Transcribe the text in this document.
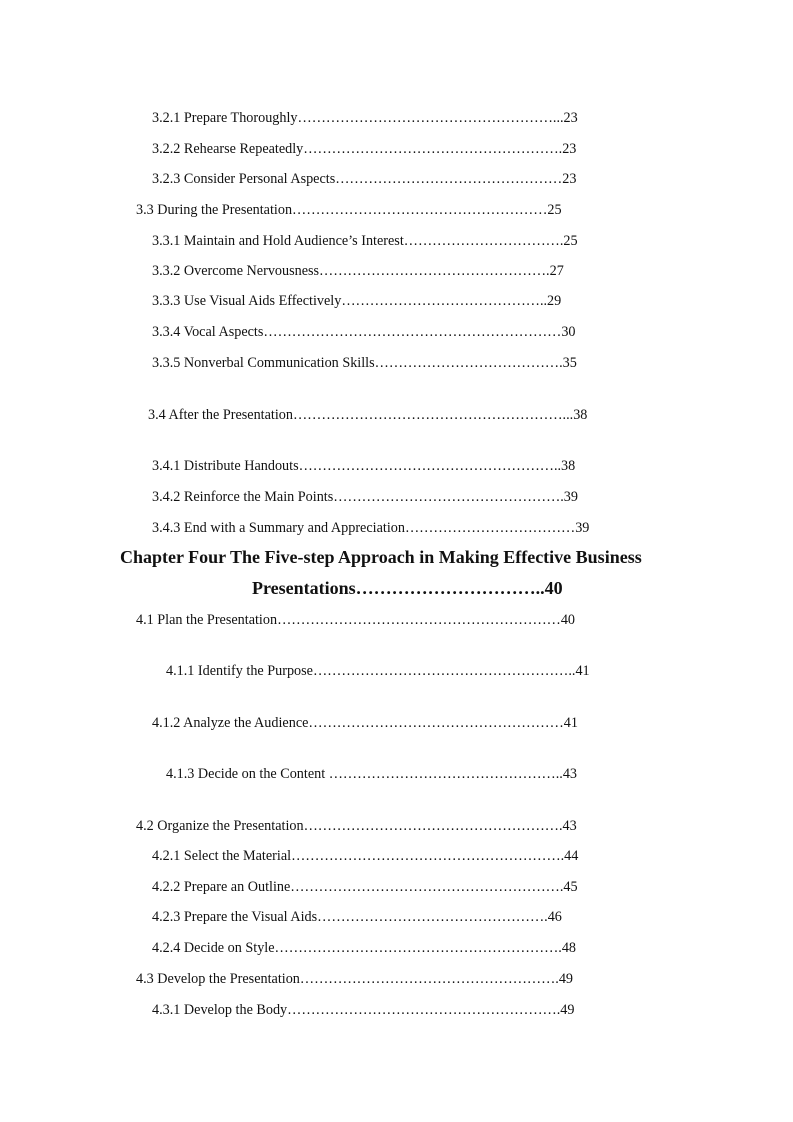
3.2.1 Prepare Thoroughly………………………………………………...23
3.2.2 Rehearse Repeatedly……………………………………………….23
3.2.3 Consider Personal Aspects…………………………………………23
3.3 During the Presentation………………………………………………25
3.3.1 Maintain and Hold Audience’s Interest…………………………….25
3.3.2 Overcome Nervousness………………………………………….27
3.3.3 Use Visual Aids Effectively……………………………………..29
3.3.4 Vocal Aspects………………………………………………………30
3.3.5 Nonverbal Communication Skills………………………………….35
3.4 After the Presentation…………………………………………………...38
3.4.1 Distribute Handouts………………………………………………..38
3.4.2 Reinforce the Main Points………………………………………….39
3.4.3 End with a Summary and Appreciation………………………………39
Chapter Four The Five-step Approach in Making Effective Business
Presentations…………………………..40
4.1 Plan the Presentation……………………………………………………40
4.1.1 Identify the Purpose………………………………………………..41
4.1.2 Analyze the Audience………………………………………………41
4.1.3 Decide on the Content …………………………………………..43
4.2 Organize the Presentation……………………………………………….43
4.2.1 Select the Material………………………………………………….44
4.2.2 Prepare an Outline………………………………………………….45
4.2.3 Prepare the Visual Aids………………………………………….46
4.2.4 Decide on Style…………………………………………………….48
4.3 Develop the Presentation……………………………………………….49
4.3.1 Develop the Body………………………………………………….49
